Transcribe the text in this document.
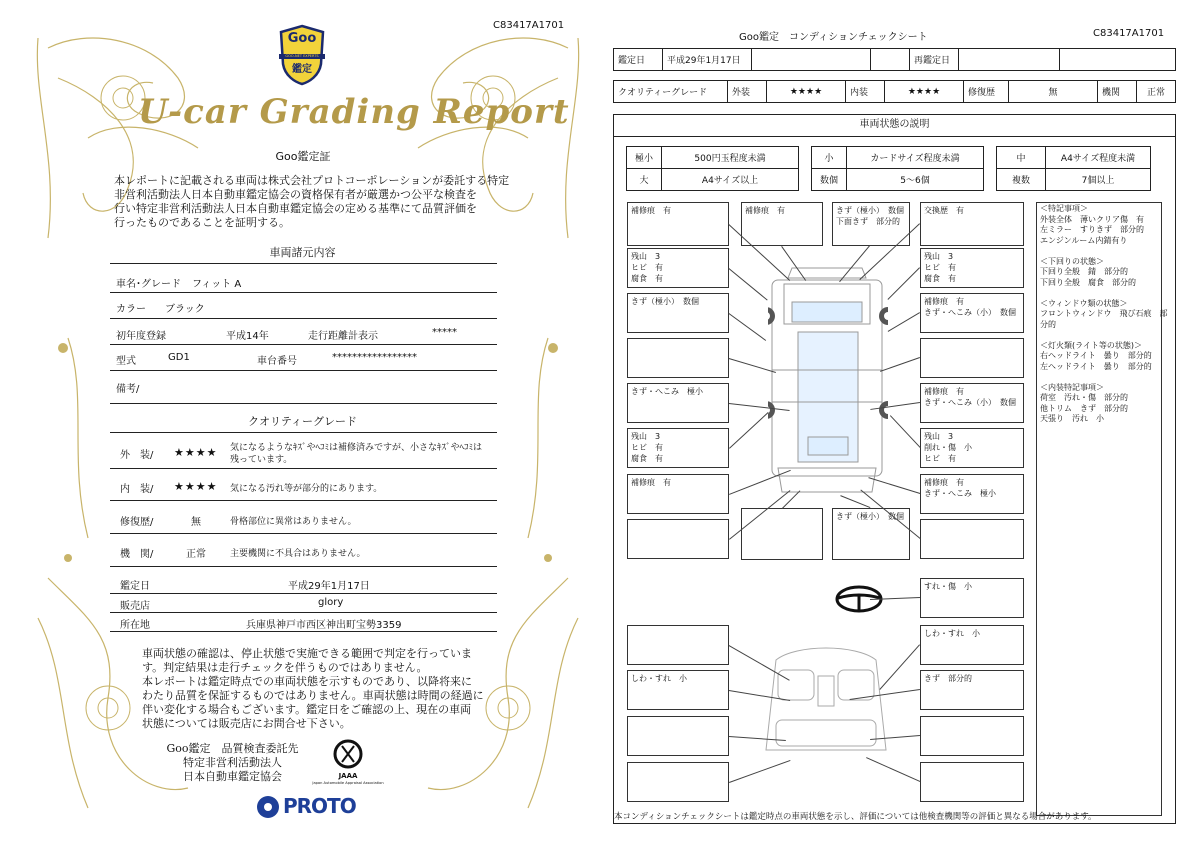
C83417A1701
Goo
鑑定
GOO-NET EXPERTS
U-car Grading Report
Goo鑑定証
本レポートに記載される車両は株式会社プロトコーポレーションが委託する特定
非営利活動法人日本自動車鑑定協会の資格保有者が厳選かつ公平な検査を
行い特定非営利活動法人日本自動車鑑定協会の定める基準にて品質評価を
行ったものであることを証明する。
車両諸元内容
車名･グレード フィット A
カラー ブラック
初年度登録	平成14年	走行距離計表示	*****
型式	GD1	車台番号	*****************
備考/
クオリティーグレード
外　装/ ★★★★ 気になるようなｷｽﾞやﾍｺﾐは補修済みですが、小さなｷｽﾞやﾍｺﾐは
残っています。
内　装/ ★★★★ 気になる汚れ等が部分的にあります。
修復歴/	無	骨格部位に異常はありません。
機　関/	正常	主要機関に不具合はありません。
鑑定日	平成29年1月17日
販売店	glory
所在地	兵庫県神戸市西区神出町宝勢3359
車両状態の確認は、停止状態で実施できる範囲で判定を行っていま
す。判定結果は走行チェックを伴うものではありません。
本レポートは鑑定時点での車両状態を示すものであり、以降将来に
わたり品質を保証するものではありません。車両状態は時間の経過に
伴い変化する場合もございます。鑑定日をご確認の上、現在の車両
状態については販売店にお問合せ下さい。
Goo鑑定　品質検査委託先
特定非営利活動法人
日本自動車鑑定協会	JAAA
Japan Automobile Appraisal Association
PROTO
Goo鑑定　コンディションチェックシート	C83417A1701
鑑定日	平成29年1月17日			再鑑定日		
クオリティーグレード	外装	★★★★	内装	★★★★	修復歴	無	機関	正常
車両状態の説明
極小	500円玉程度未満		小	カードサイズ程度未満		中	A4サイズ程度未満
大	A4サイズ以上		数個	5～6個		複数	7個以上
＜特記事項＞
外装全体　薄いクリア傷　有
左ミラー　すりきず　部分的
エンジンルーム内錆有り
＜下回りの状態＞
下回り全般　錆　部分的
下回り全般　腐食　部分的
＜ウィンドウ類の状態＞
フロントウィンドウ　飛び石痕　部
分的
＜灯火類(ライト等の状態)＞
右ヘッドライト　曇り　部分的
左ヘッドライト　曇り　部分的
＜内装特記事項＞
荷室　汚れ・傷　部分的
他トリム　きず　部分的
天張り　汚れ　小
補修痕　有	補修痕　有	きず（極小）　数個
下面きず　部分的
交換歴　有
残山　3
ヒビ　有
腐食　有
残山　3
ヒビ　有
腐食　有
きず（極小）　数個	補修痕　有
きず・へこみ（小）　数個
きず・へこみ　極小	補修痕　有
きず・へこみ（小）　数個
残山　3
ヒビ　有
腐食　有
残山　3
削れ・傷　小
ヒビ　有
補修痕　有	補修痕　有
きず・へこみ　極小
きず（極小）　数個
すれ・傷　小
しわ・すれ　小
しわ・すれ　小	きず　部分的
本コンディションチェックシートは鑑定時点の車両状態を示し、評価については他検査機関等の評価と異なる場合があります。
